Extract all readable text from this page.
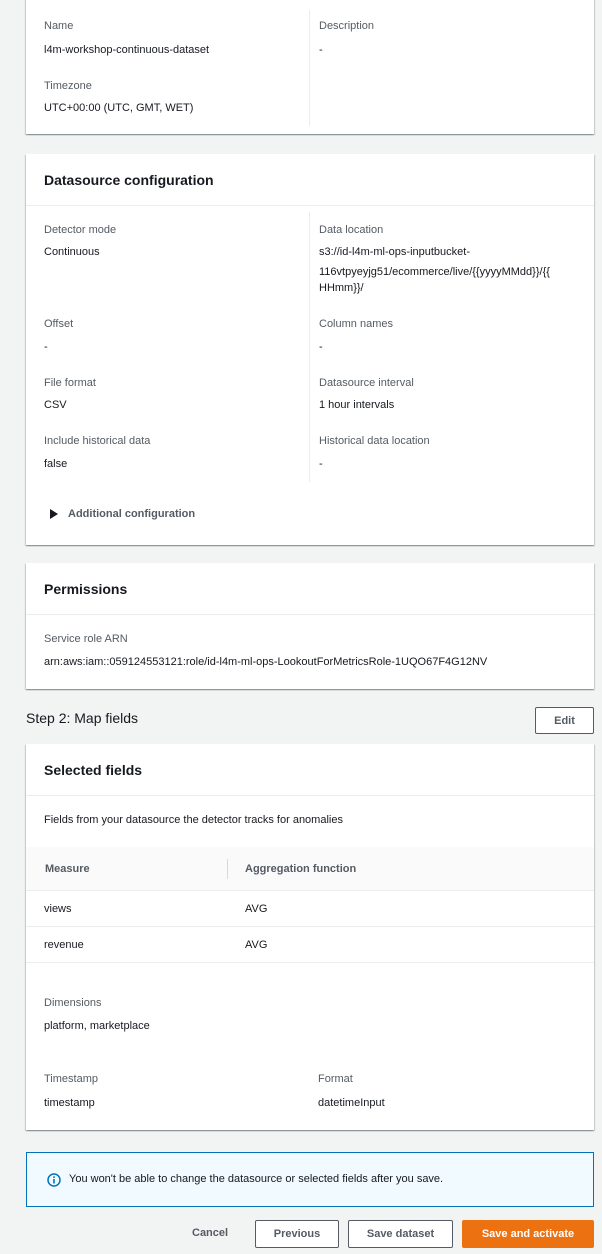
Name
l4m-workshop-continuous-dataset
Timezone
UTC+00:00 (UTC, GMT, WET)
Description
-
Datasource configuration
Detector mode
Continuous
Data location
s3://id-l4m-ml-ops-inputbucket-
116vtpyeyjg51/ecommerce/live/{{yyyyMMdd}}/{{
HHmm}}/
Offset
-
Column names
-
File format
CSV
Datasource interval
1 hour intervals
Include historical data
false
Historical data location
-
Additional configuration
Permissions
Service role ARN
arn:aws:iam::059124553121:role/id-l4m-ml-ops-LookoutForMetricsRole-1UQO67F4G12NV
Step 2: Map fields	Edit
Selected fields
Fields from your datasource the detector tracks for anomalies
Measure	Aggregation function
views	AVG
revenue	AVG
Dimensions
platform, marketplace
Timestamp
timestamp
Format
datetimeInput
You won't be able to change the datasource or selected fields after you save.
Cancel	Previous	Save dataset	Save and activate
